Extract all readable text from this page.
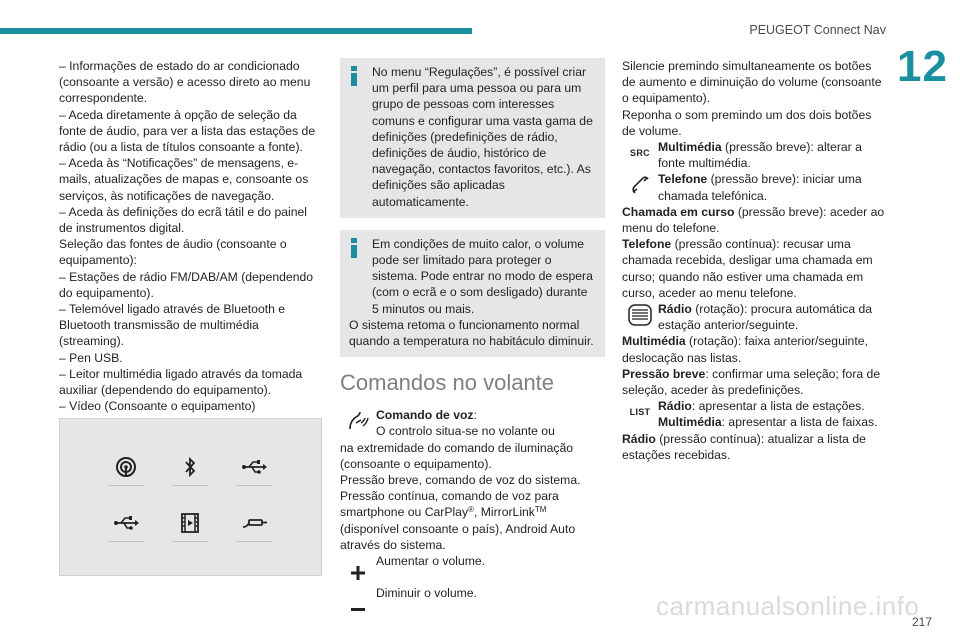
PEUGEOT Connect Nav
12

– Informações de estado do ar condicionado (consoante a versão) e acesso direto ao menu correspondente.

– Aceda diretamente à opção de seleção da fonte de áudio, para ver a lista das estações de rádio (ou a lista de títulos consoante a fonte).

– Aceda às “Notificações” de mensagens, e-mails, atualizações de mapas e, consoante os serviços, às notificações de navegação.

– Aceda às definições do ecrã tátil e do painel de instrumentos digital.

Seleção das fontes de áudio (consoante o equipamento):

– Estações de rádio FM/DAB/AM (dependendo do equipamento).

– Telemóvel ligado através de Bluetooth e Bluetooth transmissão de multimédia (streaming).

– Pen USB.

– Leitor multimédia ligado através da tomada auxiliar (dependendo do equipamento).

– Vídeo (Consoante o equipamento)

No menu “Regulações”, é possível criar um perfil para uma pessoa ou para um grupo de pessoas com interesses comuns e configurar uma vasta gama de definições (predefinições de rádio, definições de áudio, histórico de navegação, contactos favoritos, etc.). As definições são aplicadas automaticamente.

Em condições de muito calor, o volume pode ser limitado para proteger o sistema. Pode entrar no modo de espera (com o ecrã e o som desligado) durante 5 minutos ou mais.

O sistema retoma o funcionamento normal quando a temperatura no habitáculo diminuir.

Comandos no volante
Comando de voz:
O controlo situa-se no volante ou

na extremidade do comando de iluminação (consoante o equipamento).

Pressão breve, comando de voz do sistema.

Pressão contínua, comando de voz para smartphone ou CarPlay®, MirrorLink™

(disponível consoante o país), Android Auto através do sistema.

Aumentar o volume.
Diminuir o volume.

Silencie premindo simultaneamente os botões de aumento e diminuição do volume (consoante o equipamento).

Reponha o som premindo um dos dois botões de volume.

SRC Multimédia (pressão breve): alterar a fonte multimédia.
Telefone (pressão breve): iniciar uma chamada telefónica.

Chamada em curso (pressão breve): aceder ao menu do telefone.

Telefone (pressão contínua): recusar uma chamada recebida, desligar uma chamada em curso; quando não estiver uma chamada em curso, aceder ao menu telefone.

Rádio (rotação): procura automática da estação anterior/seguinte.

Multimédia (rotação): faixa anterior/seguinte, deslocação nas listas.

Pressão breve: confirmar uma seleção; fora de seleção, aceder às predefinições.

LIST Rádio: apresentar a lista de estações.
Multimédia: apresentar a lista de faixas.

Rádio (pressão contínua): atualizar a lista de estações recebidas.

217
carmanualsonline.info
